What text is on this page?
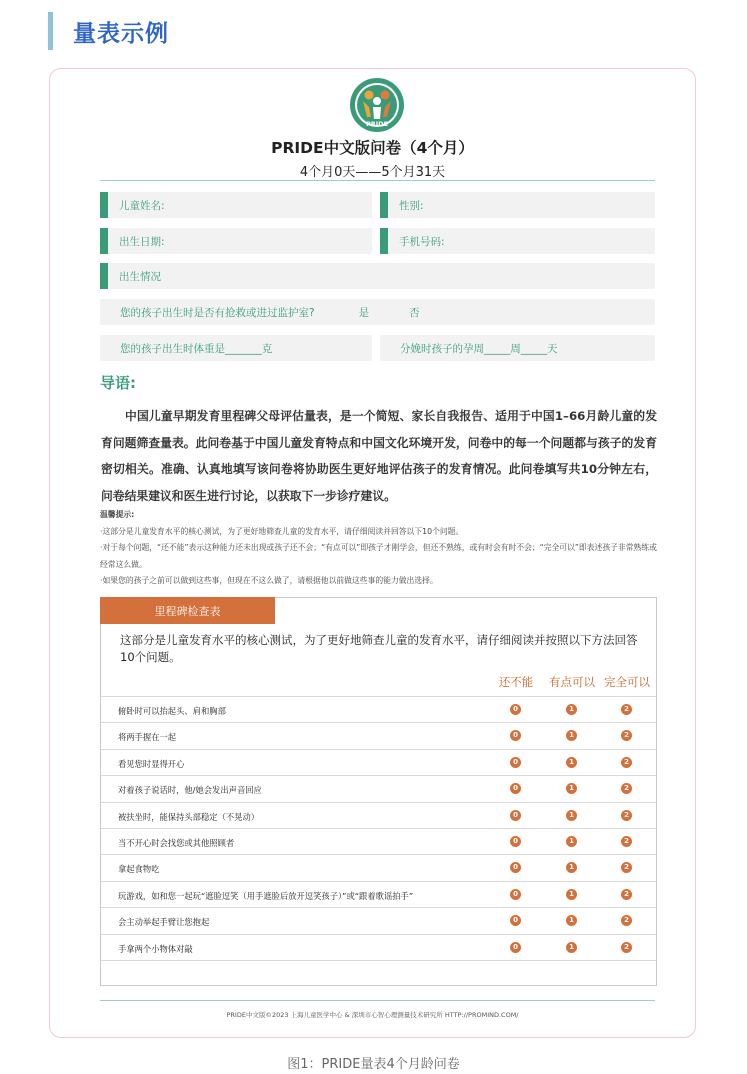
量表示例
PRIDE
PRIDE中文版问卷（4个月）
4个月0天——5个月31天
儿童姓名:	性别:
出生日期:	手机号码:
出生情况
您的孩子出生时是否有抢救或进过监护室?	是	否
您的孩子出生时体重是_______克	分娩时孩子的孕周_____周_____天
导语:
中国儿童早期发育里程碑父母评估量表，是一个简短、家长自我报告、适用于中国1–66月龄儿童的发育问题筛查量表。此问卷基于中国儿童发育特点和中国文化环境开发，问卷中的每一个问题都与孩子的发育密切相关。准确、认真地填写该问卷将协助医生更好地评估孩子的发育情况。此问卷填写共10分钟左右，问卷结果建议和医生进行讨论，以获取下一步诊疗建议。
温馨提示:
·这部分是儿童发育水平的核心测试，为了更好地筛查儿童的发育水平，请仔细阅读并回答以下10个问题。
·对于每个问题，“还不能”表示这种能力还未出现或孩子还不会；“有点可以”即孩子才刚学会，但还不熟练，或有时会有时不会；“完全可以”即表述孩子非常熟练或经常这么做。
·如果您的孩子之前可以做到这些事，但现在不这么做了，请根据他以前做这些事的能力做出选择。
里程碑检查表
这部分是儿童发育水平的核心测试，为了更好地筛查儿童的发育水平，请仔细阅读并按照以下方法回答10个问题。
还不能	有点可以 完全可以
俯卧时可以抬起头、肩和胸部	0	1	2
将两手握在一起	0	1	2
看见您时显得开心	0	1	2
对着孩子说话时，他/她会发出声音回应	0	1	2
被扶坐时，能保持头部稳定（不晃动）	0	1	2
当不开心时会找您或其他照顾者	0	1	2
拿起食物吃	0	1	2
玩游戏，如和您一起玩“遮脸逗笑（用手遮脸后放开逗笑孩子）”或“跟着歌谣拍手”	0	1	2
会主动举起手臂让您抱起	0	1	2
手拿两个小物体对敲	0	1	2
PRIDE中文版©2023 上海儿童医学中心 & 深圳市心智心理测量技术研究所 HTTP://PROMIND.COM/
图1：PRIDE量表4个月龄问卷
